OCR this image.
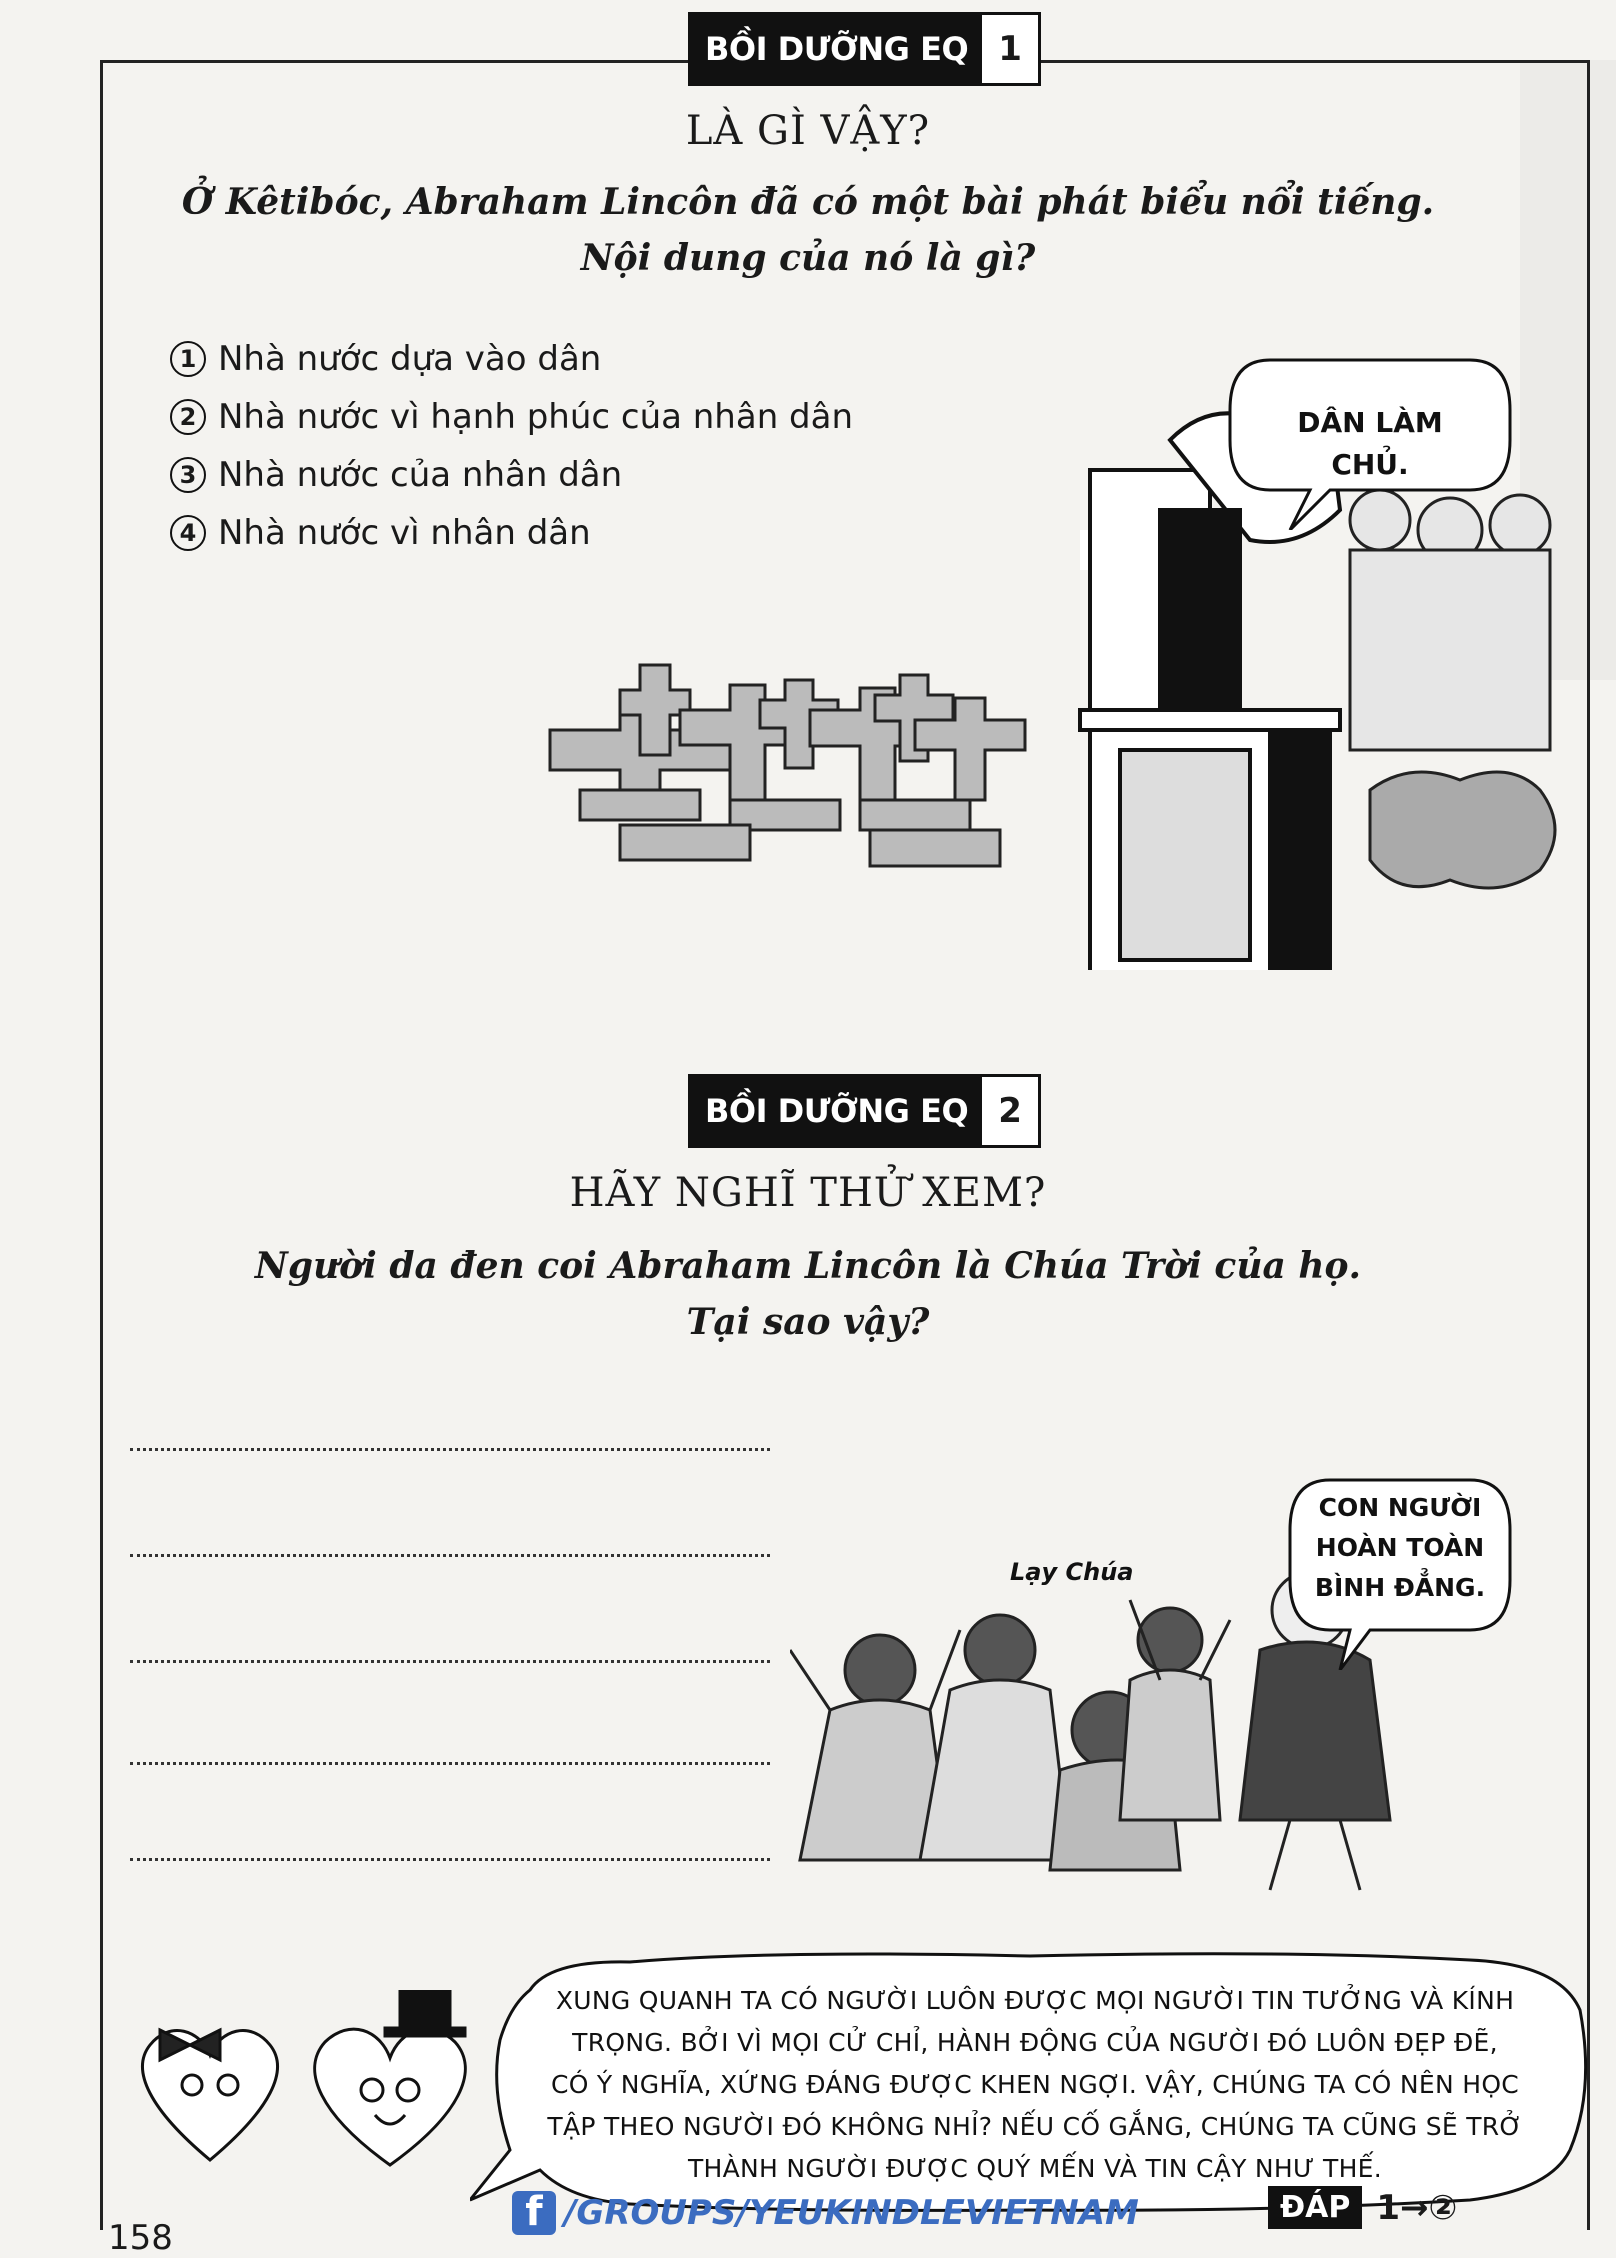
BỒI DƯỠNG EQ 1
LÀ GÌ VẬY?
Ở Kêtibóc, Abraham Lincôn đã có một bài phát biểu nổi tiếng.
Nội dung của nó là gì?
1 Nhà nước dựa vào dân
2 Nhà nước vì hạnh phúc của nhân dân
3 Nhà nước của nhân dân
4 Nhà nước vì nhân dân
DÂN LÀM
CHỦ.
BỒI DƯỠNG EQ 2
HÃY NGHĨ THỬ XEM?
Người da đen coi Abraham Lincôn là Chúa Trời của họ.
Tại sao vậy?
Lạy Chúa
CON NGƯỜI
HOÀN TOÀN
BÌNH ĐẲNG.
XUNG QUANH TA CÓ NGƯỜI LUÔN ĐƯỢC MỌI NGƯỜI TIN TƯỞNG VÀ KÍNH
TRỌNG. BỞI VÌ MỌI CỬ CHỈ, HÀNH ĐỘNG CỦA NGƯỜI ĐÓ LUÔN ĐẸP ĐẼ,
CÓ Ý NGHĨA, XỨNG ĐÁNG ĐƯỢC KHEN NGỢI. VẬY, CHÚNG TA CÓ NÊN HỌC
TẬP THEO NGƯỜI ĐÓ KHÔNG NHỈ? NẾU CỐ GẮNG, CHÚNG TA CŨNG SẼ TRỞ
THÀNH NGƯỜI ĐƯỢC QUÝ MẾN VÀ TIN CẬY NHƯ THẾ.
f /GROUPS/YEUKINDLEVIETNAM	ĐÁP 1→②
158
